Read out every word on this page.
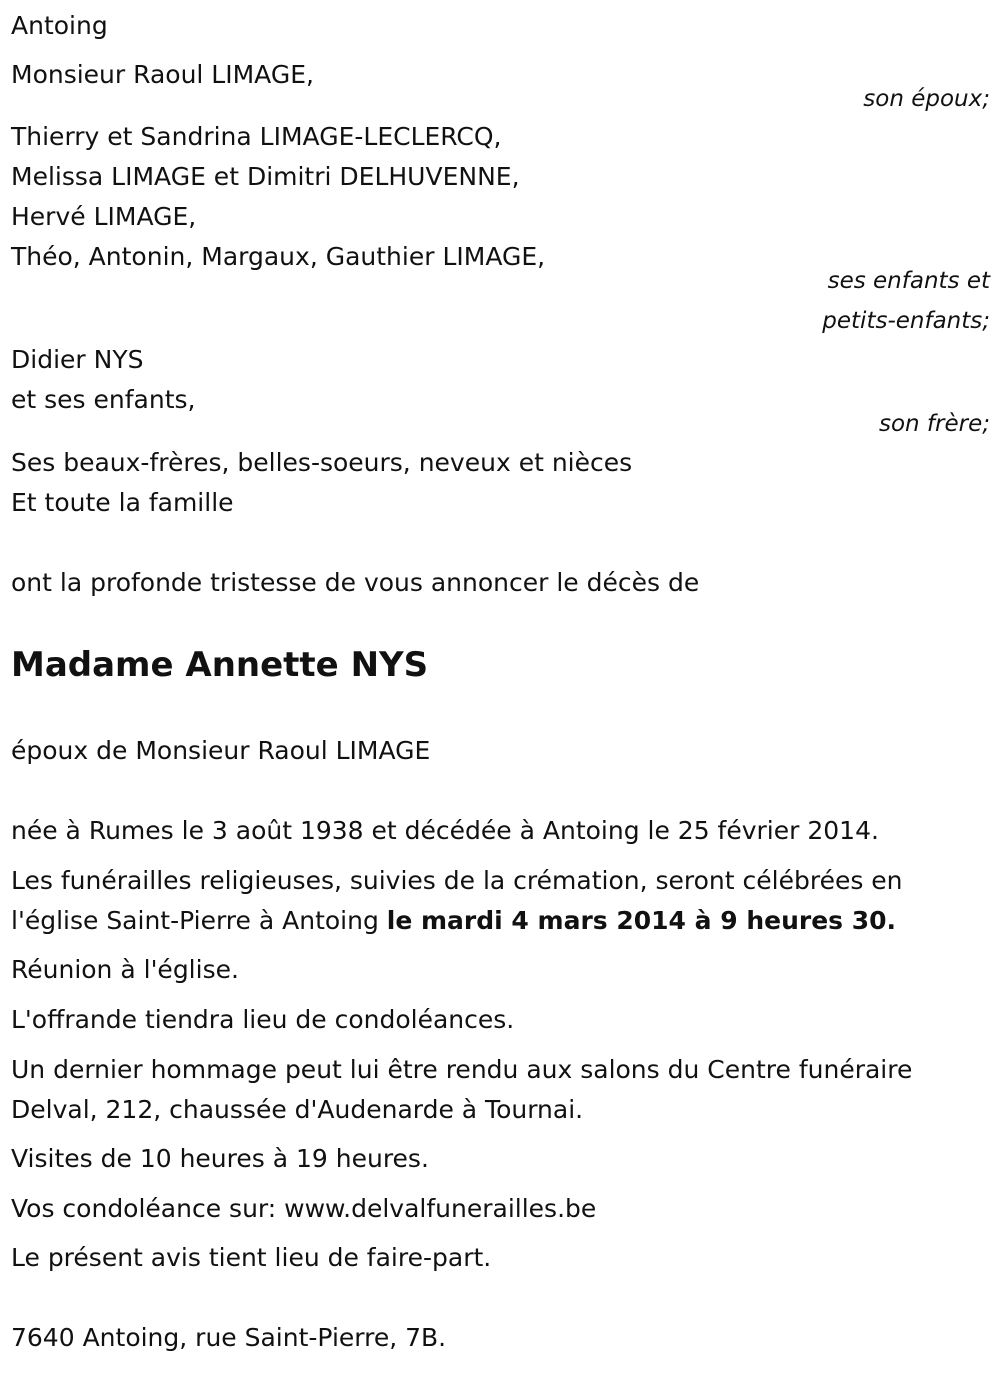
Antoing
Monsieur Raoul LIMAGE,
son époux;
Thierry et Sandrina LIMAGE-LECLERCQ,
Melissa LIMAGE et Dimitri DELHUVENNE,
Hervé LIMAGE,
Théo, Antonin, Margaux, Gauthier LIMAGE,
ses enfants et
petits-enfants;
Didier NYS
et ses enfants,
son frère;
Ses beaux-frères, belles-soeurs, neveux et nièces
Et toute la famille
ont la profonde tristesse de vous annoncer le décès de
Madame Annette NYS
époux de Monsieur Raoul LIMAGE
née à Rumes le 3 août 1938 et décédée à Antoing le 25 février 2014.
Les funérailles religieuses, suivies de la crémation, seront célébrées en
l'église Saint-Pierre à Antoing le mardi 4 mars 2014 à 9 heures 30.
Réunion à l'église.
L'offrande tiendra lieu de condoléances.
Un dernier hommage peut lui être rendu aux salons du Centre funéraire
Delval, 212, chaussée d'Audenarde à Tournai.
Visites de 10 heures à 19 heures.
Vos condoléance sur: www.delvalfunerailles.be
Le présent avis tient lieu de faire-part.
7640 Antoing, rue Saint-Pierre, 7B.
